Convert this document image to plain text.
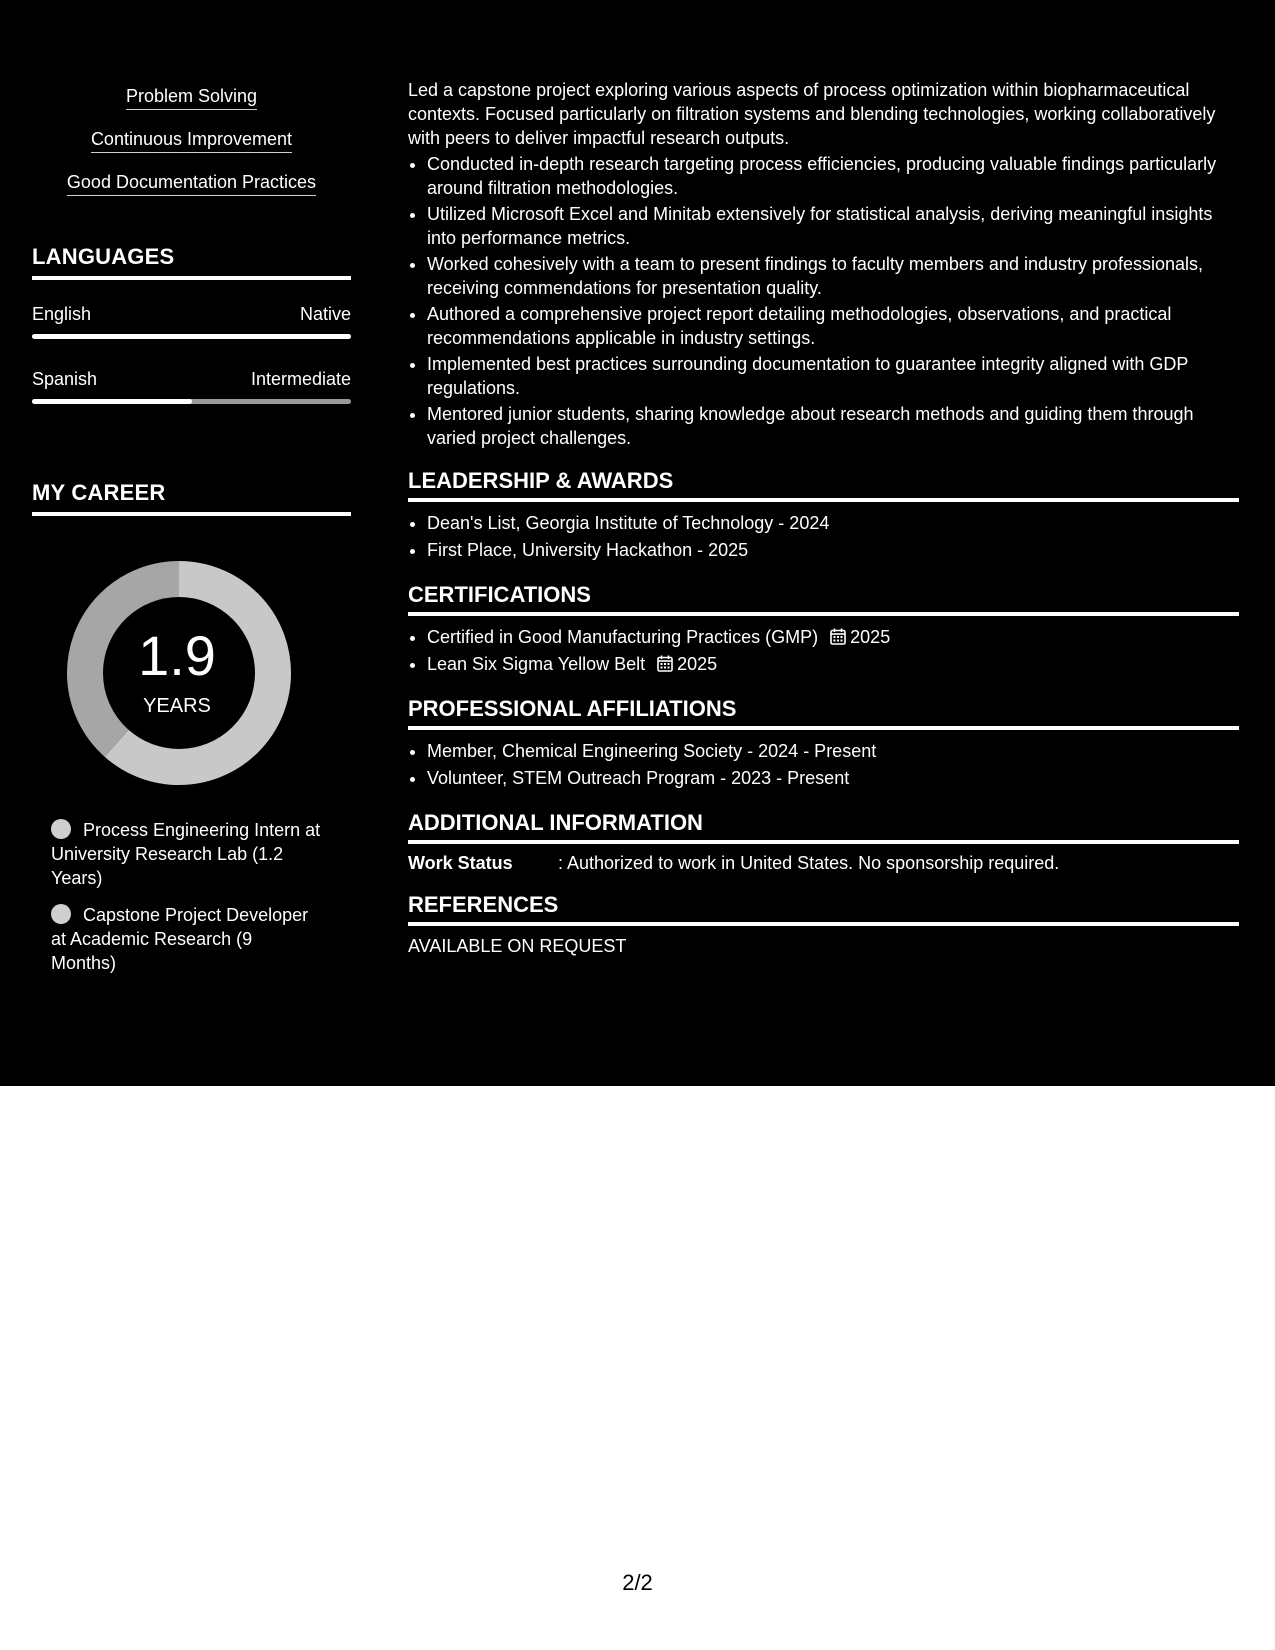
Problem Solving
Continuous Improvement
Good Documentation Practices
LANGUAGES
English	Native
Spanish	Intermediate
MY CAREER
1.9
YEARS
Process Engineering Intern at University Research Lab (1.2 Years)
Capstone Project Developer at Academic Research (9 Months)

Led a capstone project exploring various aspects of process optimization within biopharmaceutical contexts. Focused particularly on filtration systems and blending technologies, working collaboratively with peers to deliver impactful research outputs.

• Conducted in-depth research targeting process efficiencies, producing valuable findings particularly around filtration methodologies.
• Utilized Microsoft Excel and Minitab extensively for statistical analysis, deriving meaningful insights into performance metrics.
• Worked cohesively with a team to present findings to faculty members and industry professionals, receiving commendations for presentation quality.
• Authored a comprehensive project report detailing methodologies, observations, and practical recommendations applicable in industry settings.
• Implemented best practices surrounding documentation to guarantee integrity aligned with GDP regulations.
• Mentored junior students, sharing knowledge about research methods and guiding them through varied project challenges.
LEADERSHIP & AWARDS
• Dean's List, Georgia Institute of Technology - 2024
• First Place, University Hackathon - 2025
CERTIFICATIONS
• Certified in Good Manufacturing Practices (GMP) 2025
• Lean Six Sigma Yellow Belt 2025
PROFESSIONAL AFFILIATIONS
• Member, Chemical Engineering Society - 2024 - Present
• Volunteer, STEM Outreach Program - 2023 - Present
ADDITIONAL INFORMATION
Work Status	: Authorized to work in United States. No sponsorship required.
REFERENCES
AVAILABLE ON REQUEST
2/2
